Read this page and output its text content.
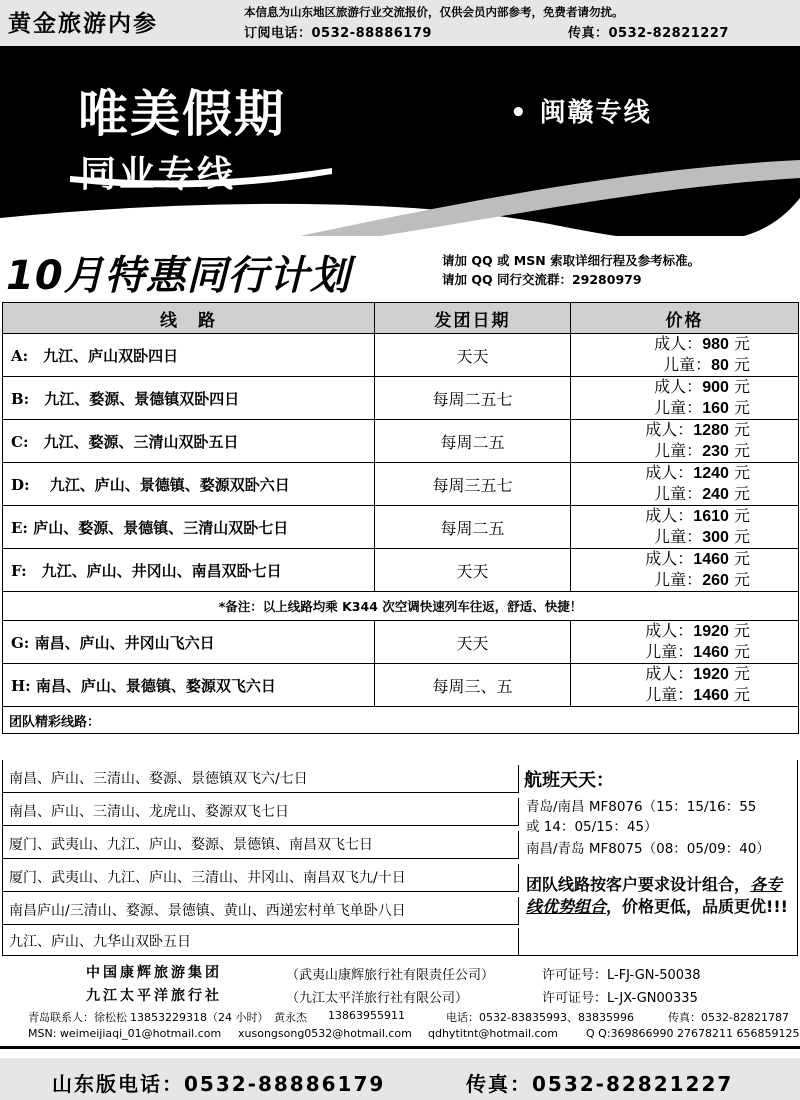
黄金旅游内参	本信息为山东地区旅游行业交流报价，仅供会员内部参考，免费者请勿扰。
订阅电话：0532-88886179	传真：0532-82821227
唯美假期
同业专线
• 闽赣专线
10月特惠同行计划	请加 QQ 或 MSN 索取详细行程及参考标准。
请加 QQ 同行交流群：29280979
线　路	发团日期	价格
A:　九江、庐山双卧四日	天天	成人：980 元
儿童：80 元
B:　九江、婺源、景德镇双卧四日	每周二五七	成人：900 元
儿童：160 元
C:　九江、婺源、三清山双卧五日	每周二五	成人：1280 元
儿童：230 元
D:　 九江、庐山、景德镇、婺源双卧六日	每周三五七	成人：1240 元
儿童：240 元
E: 庐山、婺源、景德镇、三清山双卧七日	每周二五	成人：1610 元
儿童：300 元
F:　九江、庐山、井冈山、南昌双卧七日	天天	成人：1460 元
儿童：260 元
*备注：以上线路均乘 K344 次空调快速列车往返，舒适、快捷！		
G: 南昌、庐山、井冈山飞六日	天天	成人：1920 元
儿童：1460 元
H: 南昌、庐山、景德镇、婺源双飞六日	每周三、五	成人：1920 元
儿童：1460 元
团队精彩线路：		
南昌、庐山、三清山、婺源、景德镇双飞六/七日
南昌、庐山、三清山、龙虎山、婺源双飞七日
厦门、武夷山、九江、庐山、婺源、景德镇、南昌双飞七日
厦门、武夷山、九江、庐山、三清山、井冈山、南昌双飞九/十日
南昌庐山/三清山、婺源、景德镇、黄山、西递宏村单飞单卧八日
九江、庐山、九华山双卧五日
航班天天：
青岛/南昌 MF8076（15：15/16：55
或 14：05/15：45）
南昌/青岛 MF8075（08：05/09：40）
团队线路按客户要求设计组合，各专线优势组合，价格更低，品质更优!!!
中国康辉旅游集团	（武夷山康辉旅行社有限责任公司）	许可证号：L-FJ-GN-50038
九江太平洋旅行社	（九江太平洋旅行社有限公司）	许可证号：L-JX-GN00335
青岛联系人：徐松松 13853229318（24 小时） 黄永杰 13863955911	电话：0532-83835993、83835996	传真：0532-82821787
MSN: weimeijiaqi_01@hotmail.com xusongsong0532@hotmail.com qdhytitnt@hotmail.com	Q Q:369866990 27678211 656859125
山东版电话：0532-88886179	传真：0532-82821227
